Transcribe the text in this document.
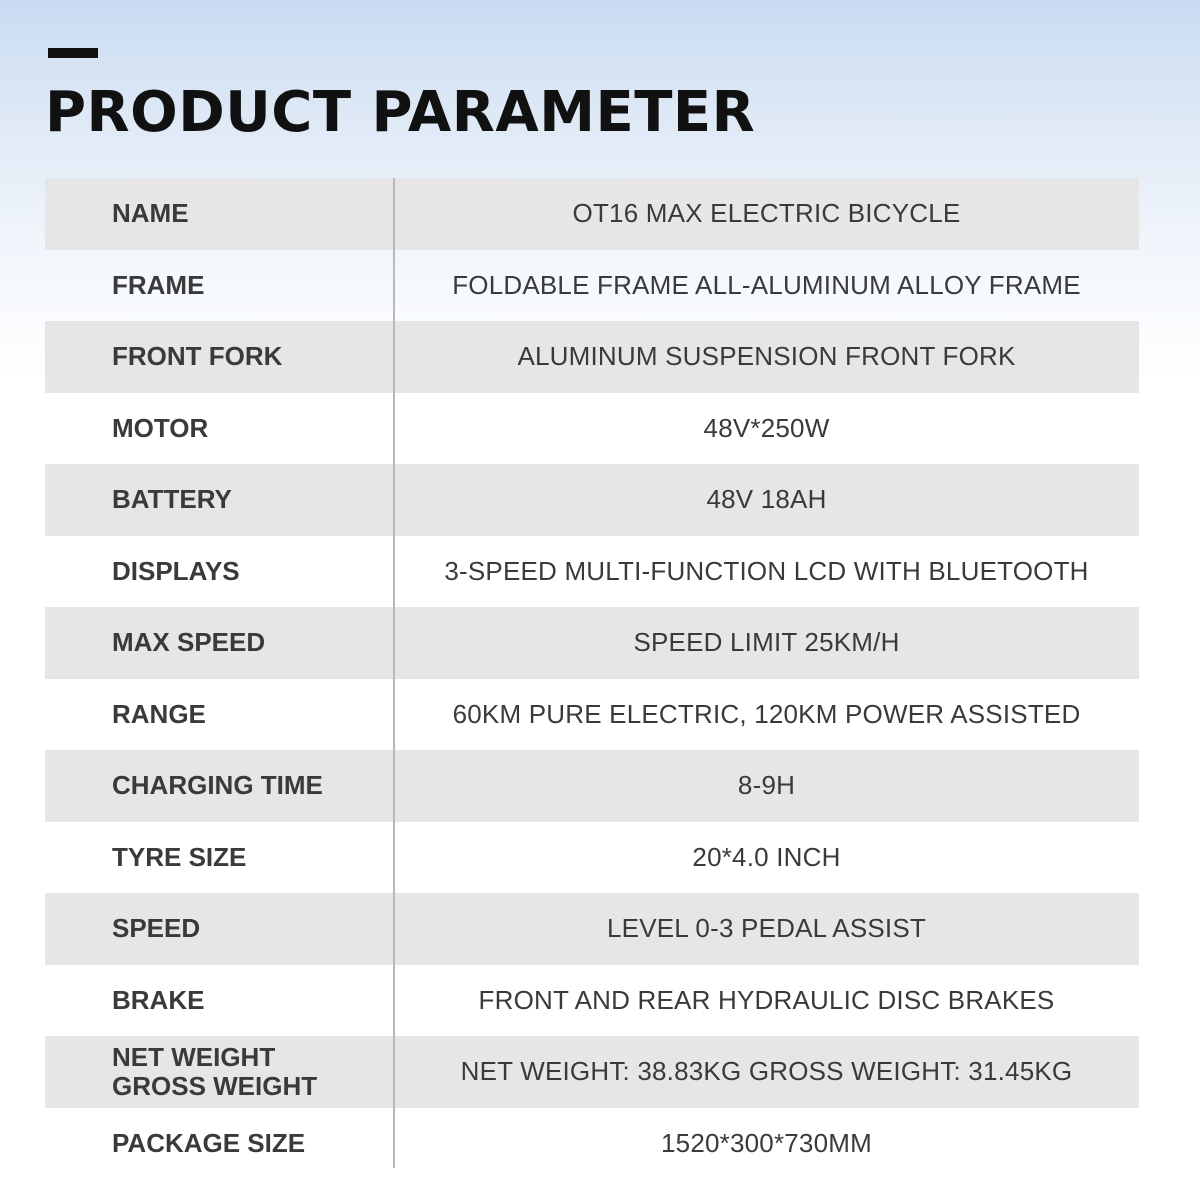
PRODUCT PARAMETER
NAME	OT16 MAX ELECTRIC BICYCLE
FRAME	FOLDABLE FRAME ALL-ALUMINUM ALLOY FRAME
FRONT FORK	ALUMINUM SUSPENSION FRONT FORK
MOTOR	48V*250W
BATTERY	48V 18AH
DISPLAYS	3-SPEED MULTI-FUNCTION LCD WITH BLUETOOTH
MAX SPEED	SPEED LIMIT 25KM/H
RANGE	60KM PURE ELECTRIC, 120KM POWER ASSISTED
CHARGING TIME	8-9H
TYRE SIZE	20*4.0 INCH
SPEED	LEVEL 0-3 PEDAL ASSIST
BRAKE	FRONT AND REAR HYDRAULIC DISC BRAKES
NET WEIGHT
GROSS WEIGHT	NET WEIGHT: 38.83KG GROSS WEIGHT: 31.45KG
PACKAGE SIZE	1520*300*730MM
